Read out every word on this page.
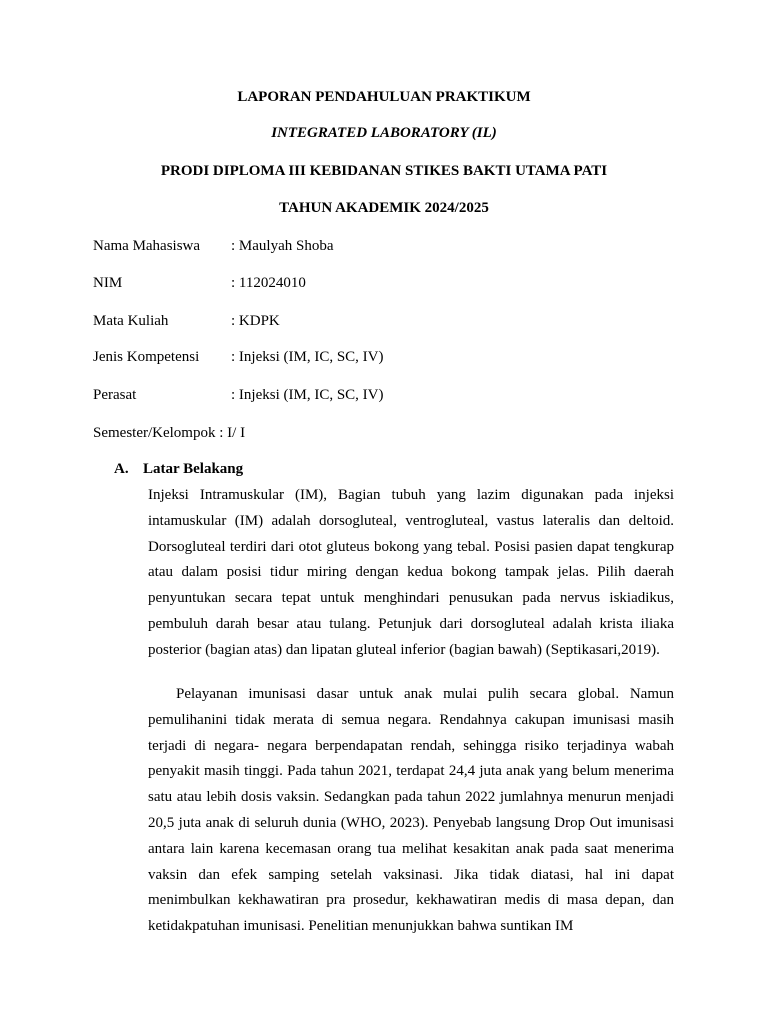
LAPORAN PENDAHULUAN PRAKTIKUM
INTEGRATED LABORATORY (IL)
PRODI DIPLOMA III KEBIDANAN STIKES BAKTI UTAMA PATI
TAHUN AKADEMIK 2024/2025
Nama Mahasiswa : Maulyah Shoba
NIM	: 112024010
Mata Kuliah	: KDPK
Jenis Kompetensi : Injeksi (IM, IC, SC, IV)
Perasat	: Injeksi (IM, IC, SC, IV)
Semester/Kelompok : I/ I
A. Latar Belakang

Injeksi Intramuskular (IM), Bagian tubuh yang lazim digunakan pada injeksi intamuskular (IM) adalah dorsogluteal, ventrogluteal, vastus lateralis dan deltoid. Dorsogluteal terdiri dari otot gluteus bokong yang tebal. Posisi pasien dapat tengkurap atau dalam posisi tidur miring dengan kedua bokong tampak jelas. Pilih daerah penyuntukan secara tepat untuk menghindari penusukan pada nervus iskiadikus, pembuluh darah besar atau tulang. Petunjuk dari dorsogluteal adalah krista iliaka posterior (bagian atas) dan lipatan gluteal inferior (bagian bawah) (Septikasari,2019).

Pelayanan imunisasi dasar untuk anak mulai pulih secara global. Namun pemulihanini tidak merata di semua negara. Rendahnya cakupan imunisasi masih terjadi di negara- negara berpendapatan rendah, sehingga risiko terjadinya wabah penyakit masih tinggi. Pada tahun 2021, terdapat 24,4 juta anak yang belum menerima satu atau lebih dosis vaksin. Sedangkan pada tahun 2022 jumlahnya menurun menjadi 20,5 juta anak di seluruh dunia (WHO, 2023). Penyebab langsung Drop Out imunisasi antara lain karena kecemasan orang tua melihat kesakitan anak pada saat menerima vaksin dan efek samping setelah vaksinasi. Jika tidak diatasi, hal ini dapat menimbulkan kekhawatiran pra prosedur, kekhawatiran medis di masa depan, dan ketidakpatuhan imunisasi. Penelitian menunjukkan bahwa suntikan IM
